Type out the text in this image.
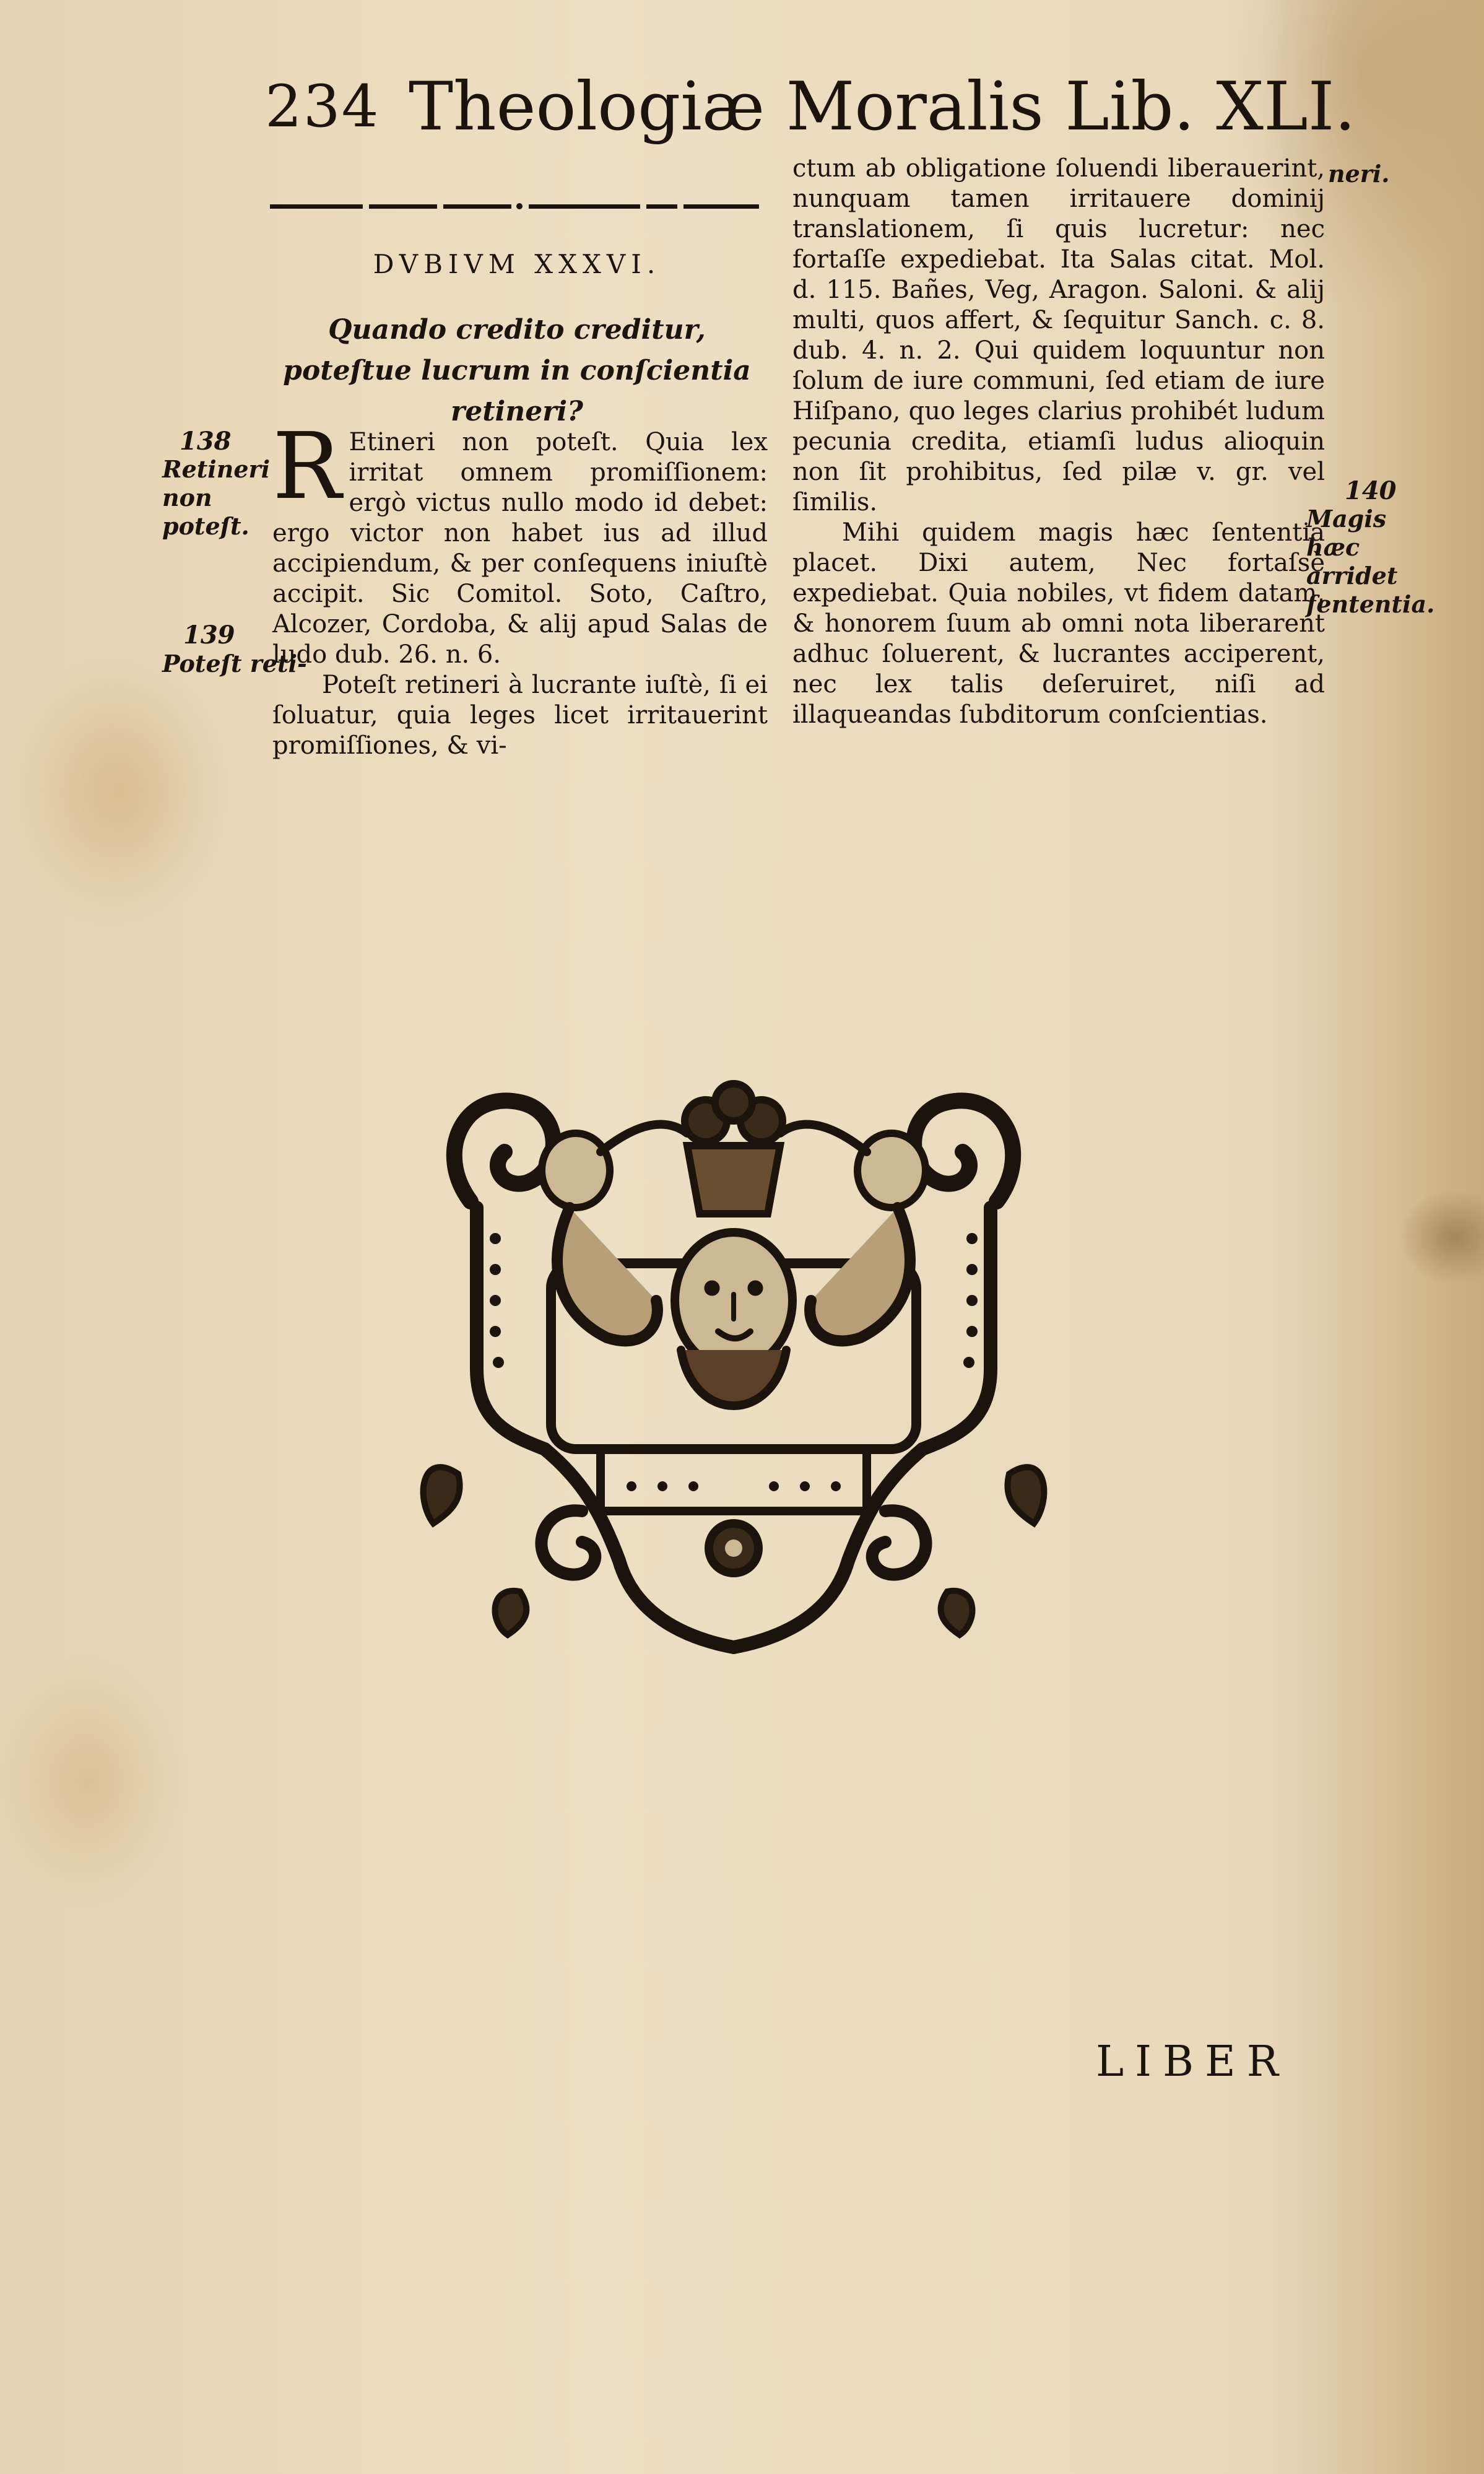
234 Theologiæ Moralis Lib. XLI.
DVBIVM XXXVI.
Quando credito creditur, poteſtue lucrum in conſcientia retineri?
138
Retineri non poteſt.
139
Poteſt reti-

R Etineri non poteſt. Quia lex irritat omnem promiſſionem: ergò victus nullo modo id debet: ergo victor non habet ius ad illud accipiendum, & per conſequens iniuſtè accipit. Sic Comitol. Soto, Caſtro, Alcozer, Cordoba, & alij apud Salas de ludo dub. 26. n. 6.

Poteſt retineri à lucrante iuſtè, ſi ei ſoluatur, quia leges licet irritauerint promiſſiones, & vi-

neri.

ctum ab obligatione ſoluendi liberauerint, nunquam tamen irritauere dominij translationem, ſi quis lucretur: nec fortaſſe expediebat. Ita Salas citat. Mol. d. 115. Bañes, Veg, Aragon. Saloni. & alij multi, quos affert, & ſequitur Sanch. c. 8. dub. 4. n. 2. Qui quidem loquuntur non ſolum de iure communi, ſed etiam de iure Hiſpano, quo leges clarius prohibét ludum pecunia credita, etiamſi ludus alioquin non ſit prohibitus, ſed pilæ v. gr. vel ſimilis.

Mihi quidem magis hæc ſententia placet. Dixi autem, Nec fortaſsè expediebat. Quia nobiles, vt fidem datam, & honorem ſuum ab omni nota liberarent adhuc ſoluerent, & lucrantes acciperent, nec lex talis deſeruiret, niſi ad illaqueandas ſubditorum conſcientias.

140
Magis hæc arridet ſententia.
LIBER
